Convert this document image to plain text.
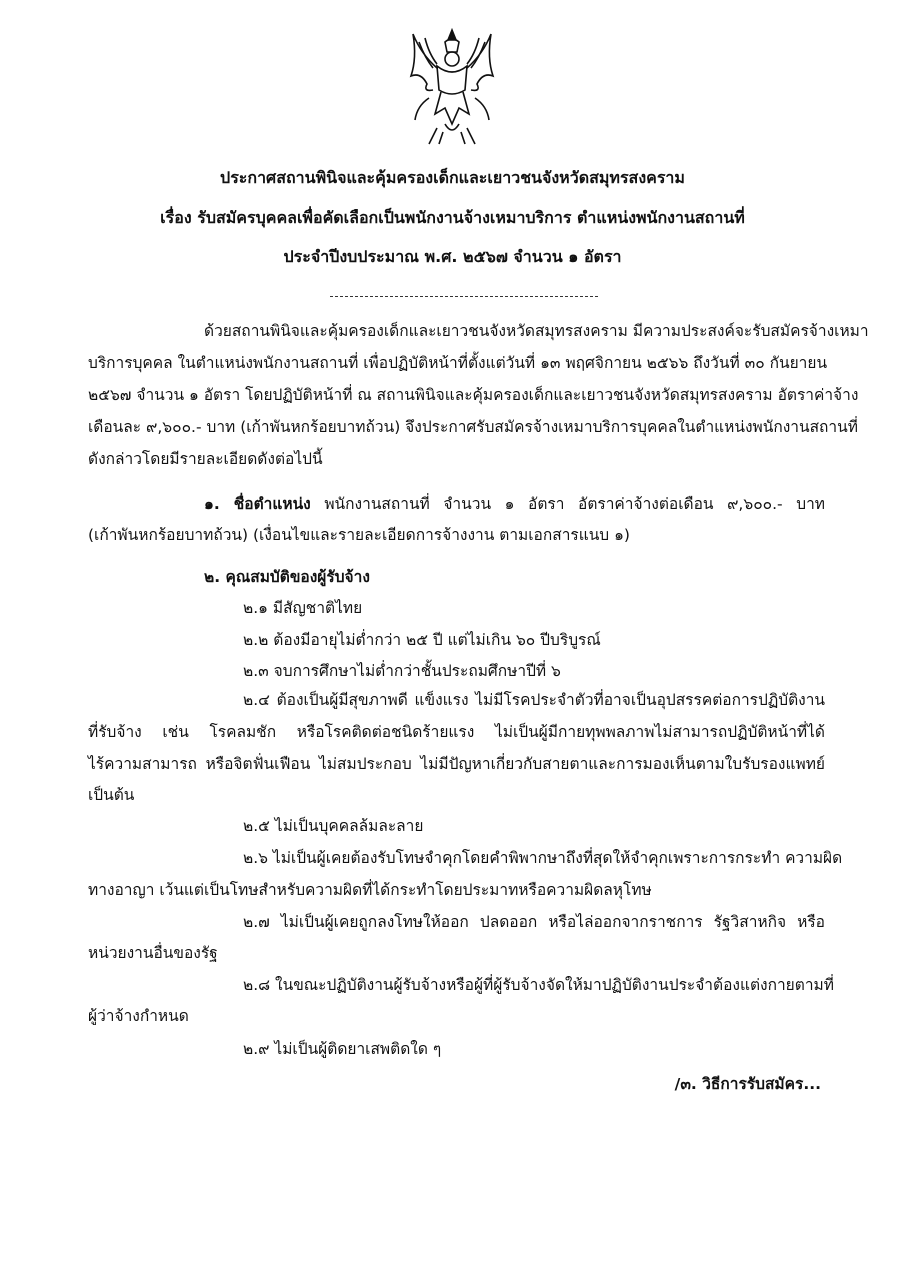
ประกาศสถานพินิจและคุ้มครองเด็กและเยาวชนจังหวัดสมุทรสงคราม
เรื่อง รับสมัครบุคคลเพื่อคัดเลือกเป็นพนักงานจ้างเหมาบริการ ตำแหน่งพนักงานสถานที่
ประจำปีงบประมาณ พ.ศ. ๒๕๖๗ จำนวน ๑ อัตรา
ด้วยสถานพินิจและคุ้มครองเด็กและเยาวชนจังหวัดสมุทรสงคราม มีความประสงค์จะรับสมัครจ้างเหมา
บริการบุคคล ในตำแหน่งพนักงานสถานที่ เพื่อปฏิบัติหน้าที่ตั้งแต่วันที่ ๑๓ พฤศจิกายน ๒๕๖๖ ถึงวันที่ ๓๐ กันยายน
๒๕๖๗ จำนวน ๑ อัตรา โดยปฏิบัติหน้าที่ ณ สถานพินิจและคุ้มครองเด็กและเยาวชนจังหวัดสมุทรสงคราม อัตราค่าจ้าง
เดือนละ ๙,๖๐๐.- บาท (เก้าพันหกร้อยบาทถ้วน) จึงประกาศรับสมัครจ้างเหมาบริการบุคคลในตำแหน่งพนักงานสถานที่
ดังกล่าวโดยมีรายละเอียดดังต่อไปนี้
๑. ชื่อตำแหน่ง พนักงานสถานที่ จำนวน ๑ อัตรา อัตราค่าจ้างต่อเดือน ๙,๖๐๐.- บาท
(เก้าพันหกร้อยบาทถ้วน) (เงื่อนไขและรายละเอียดการจ้างงาน ตามเอกสารแนบ ๑)
๒. คุณสมบัติของผู้รับจ้าง
๒.๑ มีสัญชาติไทย
๒.๒ ต้องมีอายุไม่ต่ำกว่า ๒๕ ปี แต่ไม่เกิน ๖๐ ปีบริบูรณ์
๒.๓ จบการศึกษาไม่ต่ำกว่าชั้นประถมศึกษาปีที่ ๖
๒.๔ ต้องเป็นผู้มีสุขภาพดี แข็งแรง ไม่มีโรคประจำตัวที่อาจเป็นอุปสรรคต่อการปฏิบัติงาน
ที่รับจ้าง เช่น โรคลมชัก หรือโรคติดต่อชนิดร้ายแรง ไม่เป็นผู้มีกายทุพพลภาพไม่สามารถปฏิบัติหน้าที่ได้
ไร้ความสามารถ หรือจิตฟั่นเฟือน ไม่สมประกอบ ไม่มีปัญหาเกี่ยวกับสายตาและการมองเห็นตามใบรับรองแพทย์
เป็นต้น
๒.๕ ไม่เป็นบุคคลล้มละลาย
๒.๖ ไม่เป็นผู้เคยต้องรับโทษจำคุกโดยคำพิพากษาถึงที่สุดให้จำคุกเพราะการกระทำ ความผิด
ทางอาญา เว้นแต่เป็นโทษสำหรับความผิดที่ได้กระทำโดยประมาทหรือความผิดลหุโทษ
๒.๗ ไม่เป็นผู้เคยถูกลงโทษให้ออก ปลดออก หรือไล่ออกจากราชการ รัฐวิสาหกิจ หรือ
หน่วยงานอื่นของรัฐ
๒.๘ ในขณะปฏิบัติงานผู้รับจ้างหรือผู้ที่ผู้รับจ้างจัดให้มาปฏิบัติงานประจำต้องแต่งกายตามที่
ผู้ว่าจ้างกำหนด
๒.๙ ไม่เป็นผู้ติดยาเสพติดใด ๆ
/๓. วิธีการรับสมัคร...
